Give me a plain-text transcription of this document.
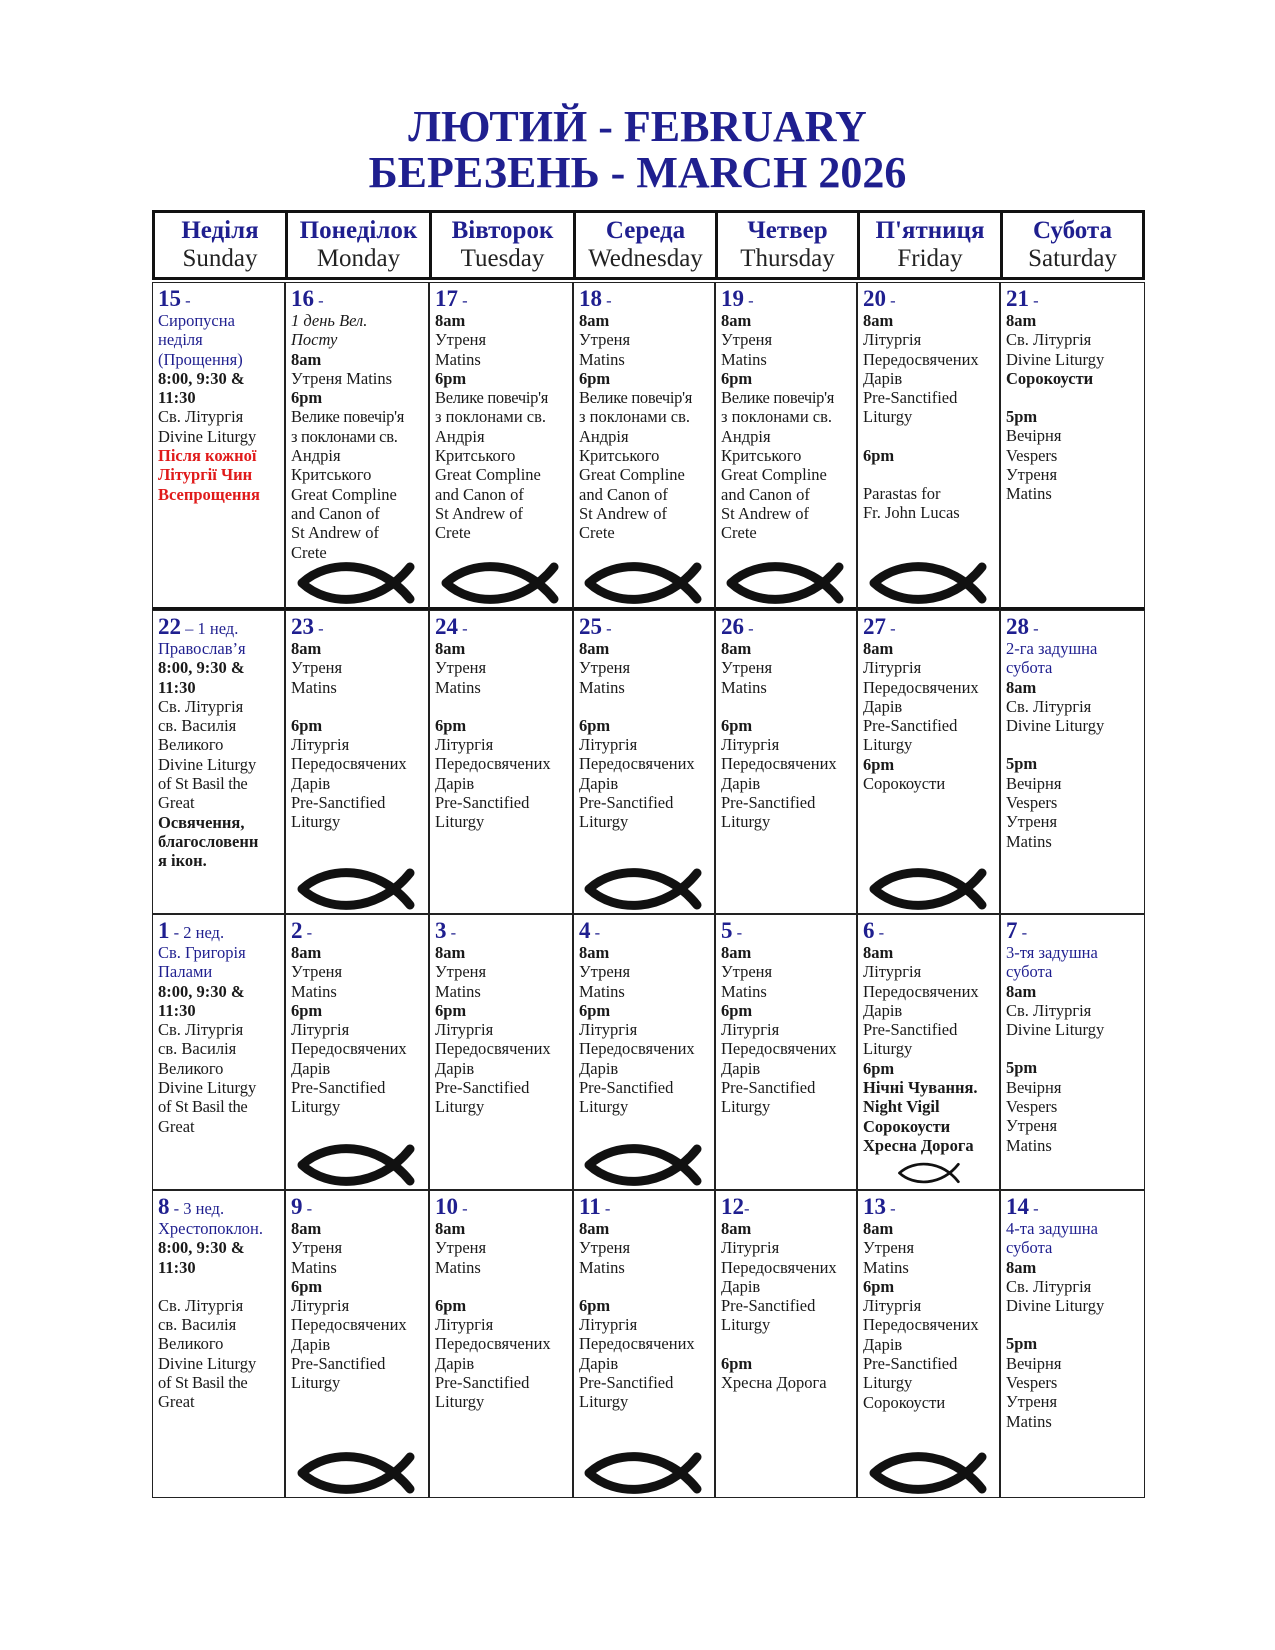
ЛЮТИЙ - FEBRUARY
БЕРЕЗЕНЬ - MARCH 2026
Неділя
Sunday
Понеділок
Monday
Вівторок
Tuesday
Середа
Wednesday
Четвер
Thursday
П'ятниця
Friday
Субота
Saturday
15 -
Сиропусна
неділя
(Прощення)
8:00, 9:30 &
11:30
Св. Літургія
Divine Liturgy
Після кожної
Літургії Чин
Всепрощення
16 -
1 день Вел.
Посту
8am
Утреня Matins
6pm
Велике повечір'я
з поклонами св.
Андрія
Критського
Great Compline
and Canon of
St Andrew of
Crete
17 -
8am
Утреня
Matins
6pm
Велике повечір'я
з поклонами св.
Андрія
Критського
Great Compline
and Canon of
St Andrew of
Crete
18 -
8am
Утреня
Matins
6pm
Велике повечір'я
з поклонами св.
Андрія
Критського
Great Compline
and Canon of
St Andrew of
Crete
19 -
8am
Утреня
Matins
6pm
Велике повечір'я
з поклонами св.
Андрія
Критського
Great Compline
and Canon of
St Andrew of
Crete
20 -
8am
Літургія
Передосвячених
Дарів
Pre-Sanctified
Liturgy
6pm
Parastas for
Fr. John Lucas
21 -
8am
Св. Літургія
Divine Liturgy
Сорокоусти
5pm
Вечірня
Vespers
Утреня
Matins
22 – 1 нед.
Православ’я
8:00, 9:30 &
11:30
Св. Літургія
св. Василія
Великого
Divine Liturgy
of St Basil the
Great
Освячення,
благословенн
я ікон.
23 -
8am
Утреня
Matins
6pm
Літургія
Передосвячених
Дарів
Pre-Sanctified
Liturgy
24 -
8am
Утреня
Matins
6pm
Літургія
Передосвячених
Дарів
Pre-Sanctified
Liturgy
25 -
8am
Утреня
Matins
6pm
Літургія
Передосвячених
Дарів
Pre-Sanctified
Liturgy
26 -
8am
Утреня
Matins
6pm
Літургія
Передосвячених
Дарів
Pre-Sanctified
Liturgy
27 -
8am
Літургія
Передосвячених
Дарів
Pre-Sanctified
Liturgy
6pm
Сорокоусти
28 -
2-га задушна
субота
8am
Св. Літургія
Divine Liturgy
5pm
Вечірня
Vespers
Утреня
Matins
1 - 2 нед.
Св. Григорія
Палами
8:00, 9:30 &
11:30
Св. Літургія
св. Василія
Великого
Divine Liturgy
of St Basil the
Great
2 -
8am
Утреня
Matins
6pm
Літургія
Передосвячених
Дарів
Pre-Sanctified
Liturgy
3 -
8am
Утреня
Matins
6pm
Літургія
Передосвячених
Дарів
Pre-Sanctified
Liturgy
4 -
8am
Утреня
Matins
6pm
Літургія
Передосвячених
Дарів
Pre-Sanctified
Liturgy
5 -
8am
Утреня
Matins
6pm
Літургія
Передосвячених
Дарів
Pre-Sanctified
Liturgy
6 -
8am
Літургія
Передосвячених
Дарів
Pre-Sanctified
Liturgy
6pm
Нічні Чування.
Night Vigil
Сорокоусти
Хресна Дорога
7 -
3-тя задушна
субота
8am
Св. Літургія
Divine Liturgy
5pm
Вечірня
Vespers
Утреня
Matins
8 - 3 нед.
Хрестопоклон.
8:00, 9:30 &
11:30
Св. Літургія
св. Василія
Великого
Divine Liturgy
of St Basil the
Great
9 -
8am
Утреня
Matins
6pm
Літургія
Передосвячених
Дарів
Pre-Sanctified
Liturgy
10 -
8am
Утреня
Matins
6pm
Літургія
Передосвячених
Дарів
Pre-Sanctified
Liturgy
11 -
8am
Утреня
Matins
6pm
Літургія
Передосвячених
Дарів
Pre-Sanctified
Liturgy
12-
8am
Літургія
Передосвячених
Дарів
Pre-Sanctified
Liturgy
6pm
Хресна Дорога
13 -
8am
Утреня
Matins
6pm
Літургія
Передосвячених
Дарів
Pre-Sanctified
Liturgy
Сорокоусти
14 -
4-та задушна
субота
8am
Св. Літургія
Divine Liturgy
5pm
Вечірня
Vespers
Утреня
Matins
